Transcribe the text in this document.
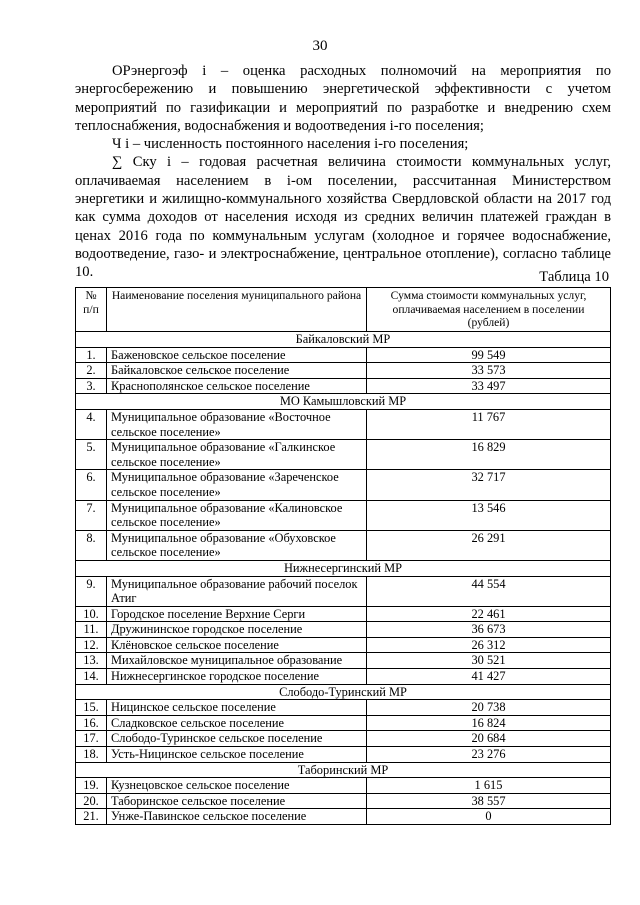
30

ОРэнергоэф i – оценка расходных полномочий на мероприятия по энергосбережению и повышению энергетической эффективности с учетом мероприятий по газификации и мероприятий по разработке и внедрению схем теплоснабжения, водоснабжения и водоотведения i-го поселения;

Ч i – численность постоянного населения i-го поселения;

∑ Ску i – годовая расчетная величина стоимости коммунальных услуг, оплачиваемая населением в i-ом поселении, рассчитанная Министерством энергетики и жилищно-коммунального хозяйства Свердловской области на 2017 год как сумма доходов от населения исходя из средних величин платежей граждан в ценах 2016 года по коммунальным услугам (холодное и горячее водоснабжение, водоотведение, газо- и электроснабжение, центральное отопление), согласно таблице 10.	Таблица 10
№ п/п	Наименование поселения муниципального района	Сумма стоимости коммунальных услуг, оплачиваемая населением в поселении (рублей)
Байкаловский МР		
1.	Баженовское сельское поселение	99 549
2.	Байкаловское сельское поселение	33 573
3.	Краснополянское сельское поселение	33 497
МО Камышловский МР		
4.	Муниципальное образование «Восточное сельское поселение»	11 767
5.	Муниципальное образование «Галкинское сельское поселение»	16 829
6.	Муниципальное образование «Зареченское сельское поселение»	32 717
7.	Муниципальное образование «Калиновское сельское поселение»	13 546
8.	Муниципальное образование «Обуховское сельское поселение»	26 291
Нижнесергинский МР		
9.	Муниципальное образование рабочий поселок Атиг	44 554
10.	Городское поселение Верхние Серги	22 461
11.	Дружининское городское поселение	36 673
12.	Клёновское сельское поселение	26 312
13.	Михайловское муниципальное образование	30 521
14.	Нижнесергинское городское поселение	41 427
Слободо-Туринский МР		
15.	Ницинское сельское поселение	20 738
16.	Сладковское сельское поселение	16 824
17.	Слободо-Туринское сельское поселение	20 684
18.	Усть-Ницинское сельское поселение	23 276
Таборинский МР		
19.	Кузнецовское сельское поселение	1 615
20.	Таборинское сельское поселение	38 557
21.	Унже-Павинское сельское поселение	0
